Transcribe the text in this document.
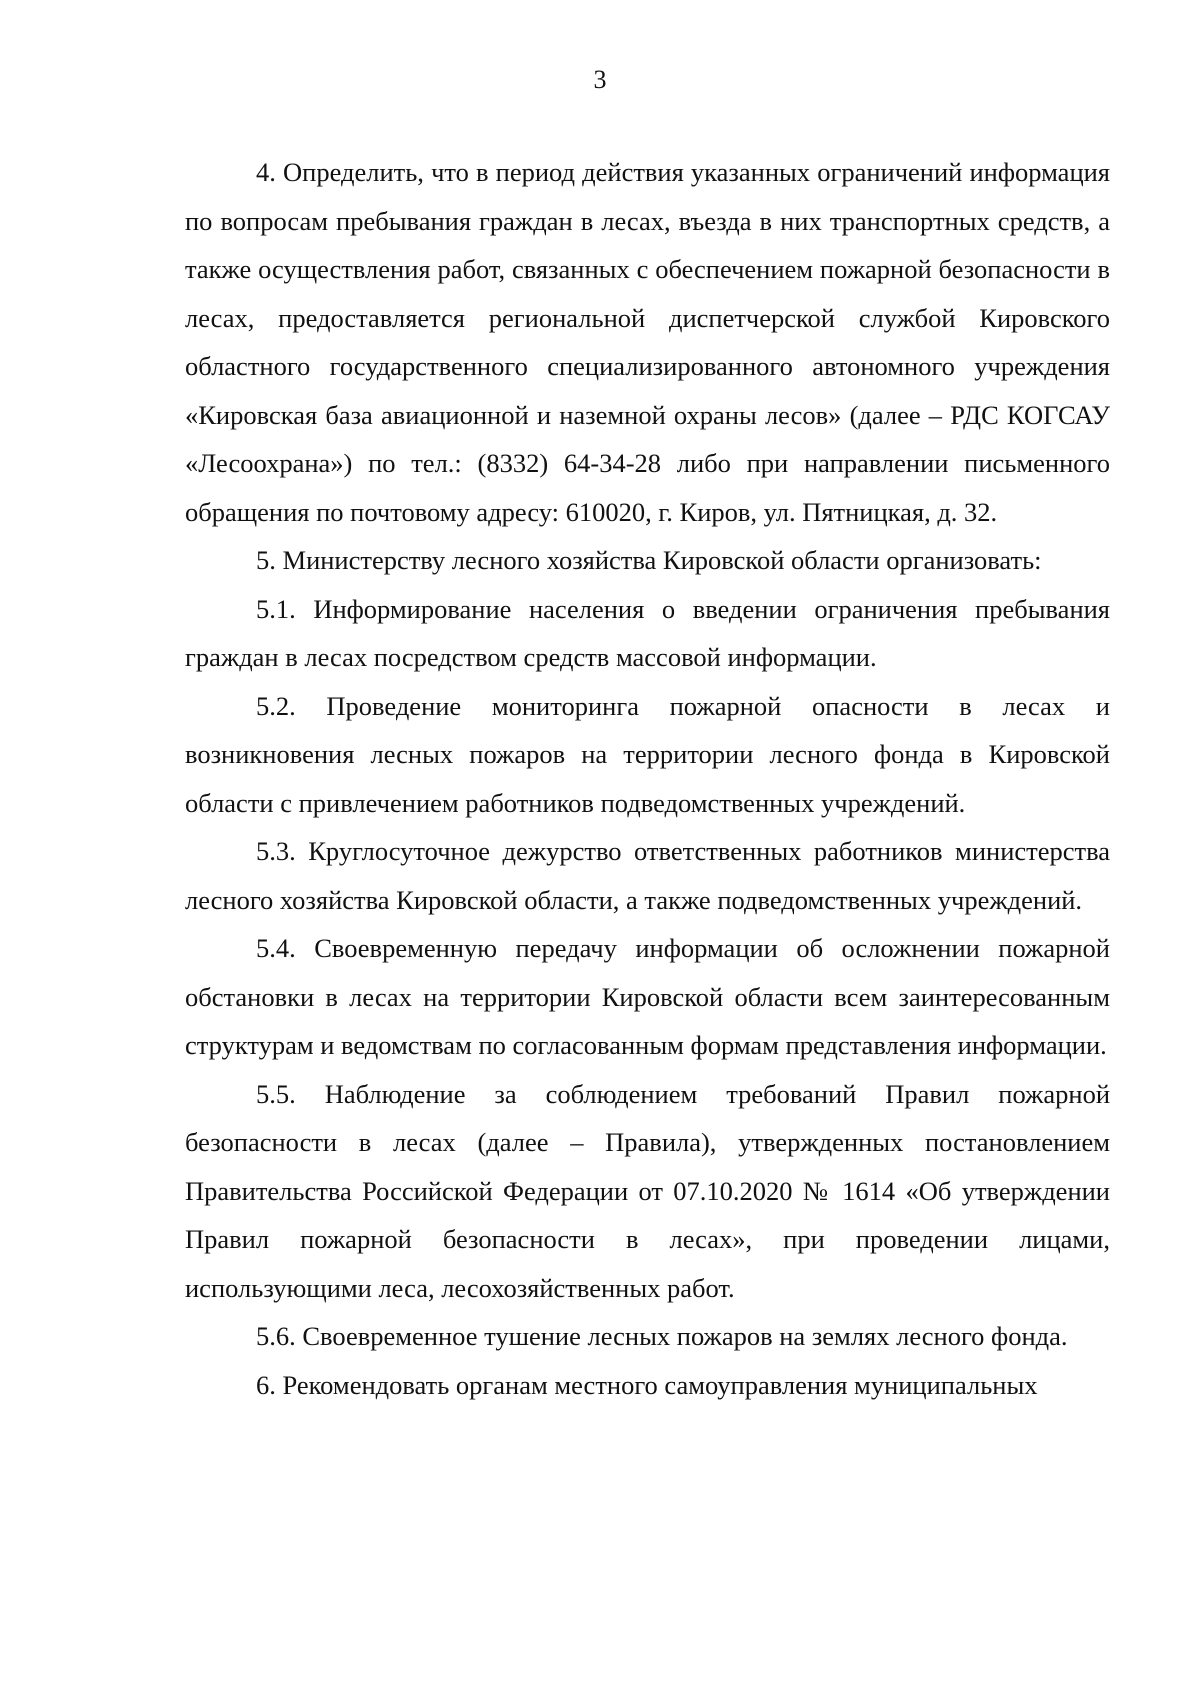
3

4. Определить, что в период действия указанных ограничений информация по вопросам пребывания граждан в лесах, въезда в них транспортных средств, а также осуществления работ, связанных с обеспечением пожарной безопасности в лесах, предоставляется региональной диспетчерской службой Кировского областного государственного специализированного автономного учреждения «Кировская база авиационной и наземной охраны лесов» (далее – РДС КОГСАУ «Лесоохрана») по тел.: (8332) 64-34-28 либо при направлении письменного обращения по почтовому адресу: 610020, г. Киров, ул. Пятницкая, д. 32.

5. Министерству лесного хозяйства Кировской области организовать:

5.1. Информирование населения о введении ограничения пребывания граждан в лесах посредством средств массовой информации.

5.2. Проведение мониторинга пожарной опасности в лесах и возникновения лесных пожаров на территории лесного фонда в Кировской области с привлечением работников подведомственных учреждений.

5.3. Круглосуточное дежурство ответственных работников министерства лесного хозяйства Кировской области, а также подведомственных учреждений.

5.4. Своевременную передачу информации об осложнении пожарной обстановки в лесах на территории Кировской области всем заинтересованным структурам и ведомствам по согласованным формам представления информации.

5.5. Наблюдение за соблюдением требований Правил пожарной безопасности в лесах (далее – Правила), утвержденных постановлением Правительства Российской Федерации от 07.10.2020 № 1614 «Об утверждении Правил пожарной безопасности в лесах», при проведении лицами, использующими леса, лесохозяйственных работ.

5.6. Своевременное тушение лесных пожаров на землях лесного фонда.

6. Рекомендовать органам местного самоуправления муниципальных
